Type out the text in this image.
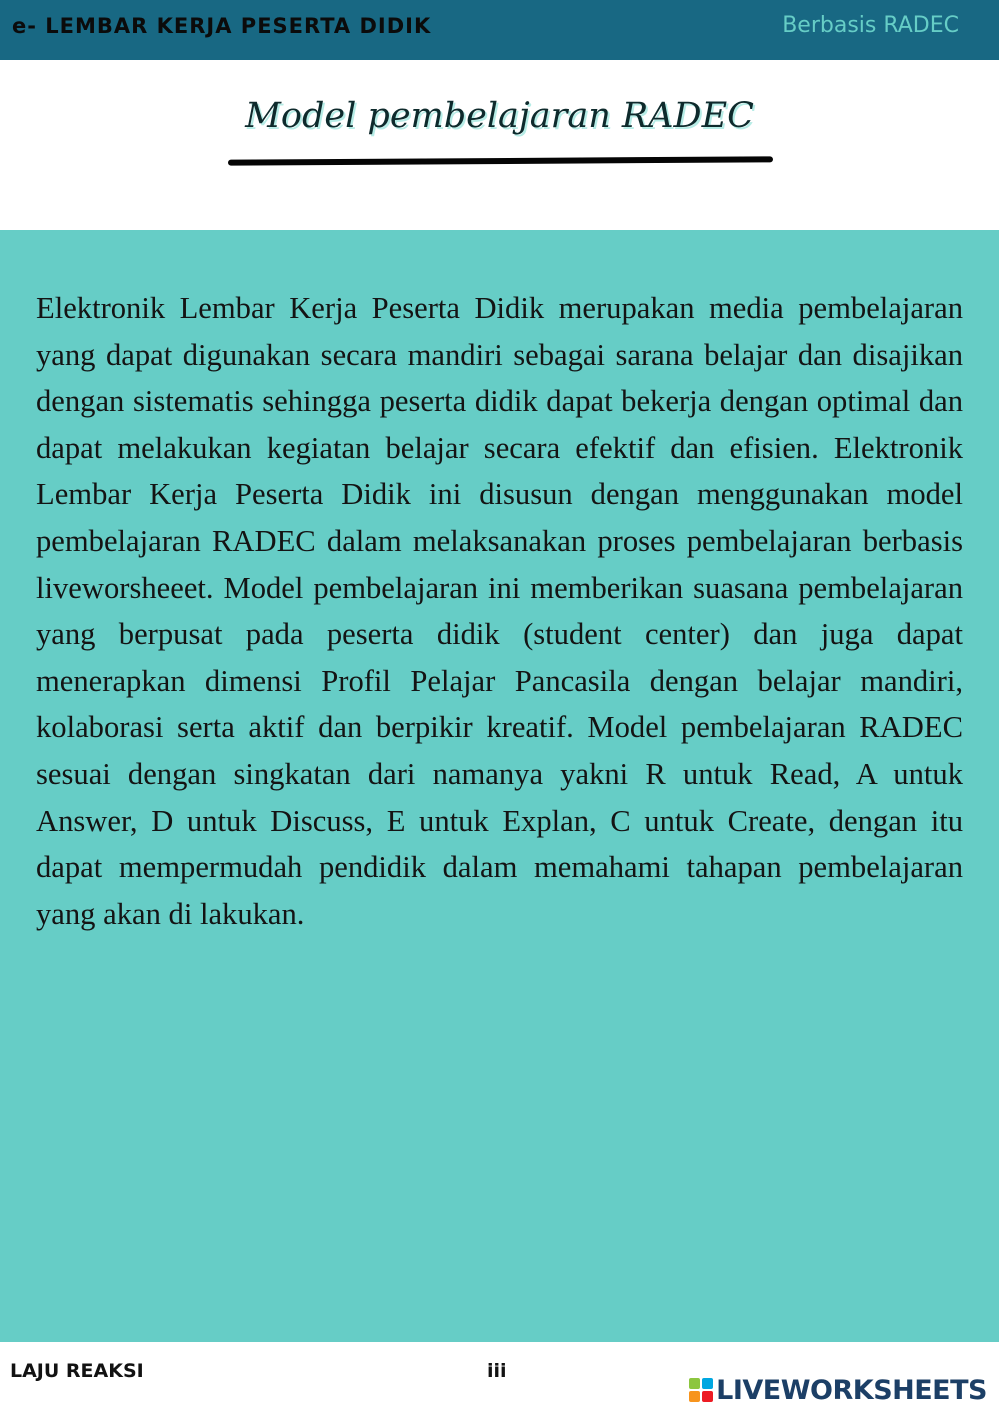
e- LEMBAR KERJA PESERTA DIDIK	Berbasis RADEC
Model pembelajaran RADEC

Elektronik Lembar Kerja Peserta Didik merupakan media pembelajaran yang dapat digunakan secara mandiri sebagai sarana belajar dan disajikan dengan sistematis sehingga peserta didik dapat bekerja dengan optimal dan dapat melakukan kegiatan belajar secara efektif dan efisien. Elektronik Lembar Kerja Peserta Didik ini disusun dengan menggunakan model pembelajaran RADEC dalam melaksanakan proses pembelajaran berbasis liveworsheeet. Model pembelajaran ini memberikan suasana pembelajaran yang berpusat pada peserta didik (student center) dan juga dapat menerapkan dimensi Profil Pelajar Pancasila dengan belajar mandiri, kolaborasi serta aktif dan berpikir kreatif. Model pembelajaran RADEC sesuai dengan singkatan dari namanya yakni R untuk Read, A untuk Answer, D untuk Discuss, E untuk Explan, C untuk Create, dengan itu dapat mempermudah pendidik dalam memahami tahapan pembelajaran yang akan di lakukan.

LAJU REAKSI	iii
LIVEWORKSHEETS
